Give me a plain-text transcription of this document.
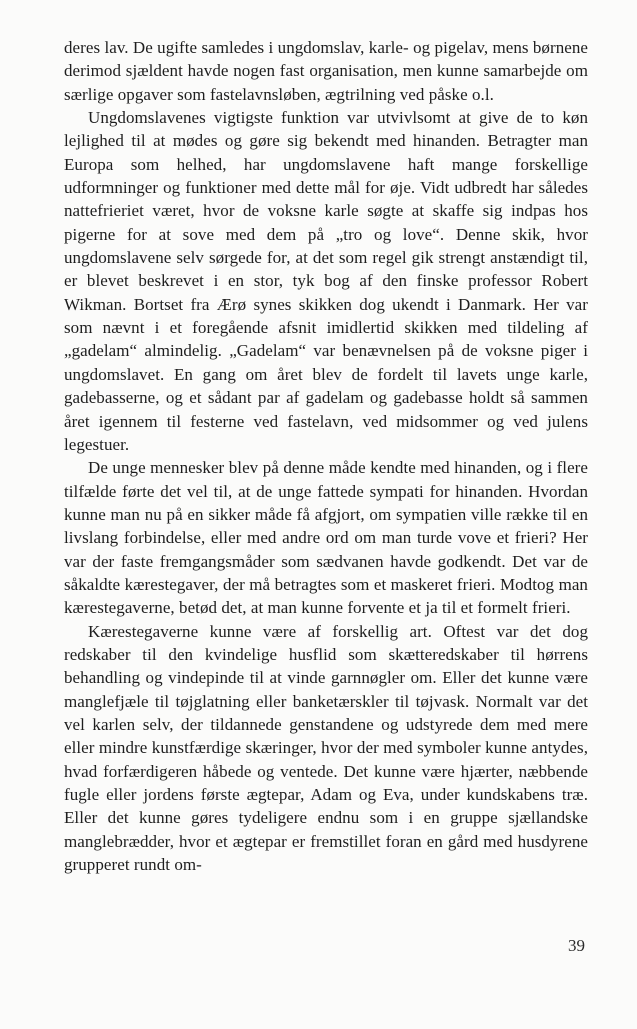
deres lav. De ugifte samledes i ungdomslav, karle- og pigelav, mens børnene derimod sjældent havde nogen fast organisation, men kunne samarbejde om særlige opgaver som fastelavnsløben, ægtrilning ved påske o.l.

Ungdomslavenes vigtigste funktion var utvivlsomt at give de to køn lejlighed til at mødes og gøre sig bekendt med hinanden. Betragter man Europa som helhed, har ungdomslavene haft mange forskellige udformninger og funktioner med dette mål for øje. Vidt udbredt har således nattefrieriet været, hvor de voksne karle søgte at skaffe sig indpas hos pigerne for at sove med dem på „tro og love“. Denne skik, hvor ungdomslavene selv sørgede for, at det som regel gik strengt anstændigt til, er blevet beskrevet i en stor, tyk bog af den finske professor Robert Wikman. Bortset fra Ærø synes skikken dog ukendt i Danmark. Her var som nævnt i et foregående afsnit imidlertid skikken med tildeling af „gadelam“ almindelig. „Gadelam“ var benævnelsen på de voksne piger i ungdomslavet. En gang om året blev de fordelt til lavets unge karle, gadebasserne, og et sådant par af gadelam og gadebasse holdt så sammen året igennem til festerne ved fastelavn, ved midsommer og ved julens legestuer.

De unge mennesker blev på denne måde kendte med hinanden, og i flere tilfælde førte det vel til, at de unge fattede sympati for hinanden. Hvordan kunne man nu på en sikker måde få afgjort, om sympatien ville række til en livslang forbindelse, eller med andre ord om man turde vove et frieri? Her var der faste fremgangsmåder som sædvanen havde godkendt. Det var de såkaldte kærestegaver, der må betragtes som et maskeret frieri. Modtog man kærestegaverne, betød det, at man kunne forvente et ja til et formelt frieri.

Kærestegaverne kunne være af forskellig art. Oftest var det dog redskaber til den kvindelige husflid som skætteredskaber til hørrens behandling og vindepinde til at vinde garnnøgler om. Eller det kunne være manglefjæle til tøjglatning eller banketærskler til tøjvask. Normalt var det vel karlen selv, der tildannede genstandene og udstyrede dem med mere eller mindre kunstfærdige skæringer, hvor der med symboler kunne antydes, hvad forfærdigeren håbede og ventede. Det kunne være hjærter, næbbende fugle eller jordens første ægtepar, Adam og Eva, under kundskabens træ. Eller det kunne gøres tydeligere endnu som i en gruppe sjællandske manglebrædder, hvor et ægtepar er fremstillet foran en gård med husdyrene grupperet rundt om-

39
